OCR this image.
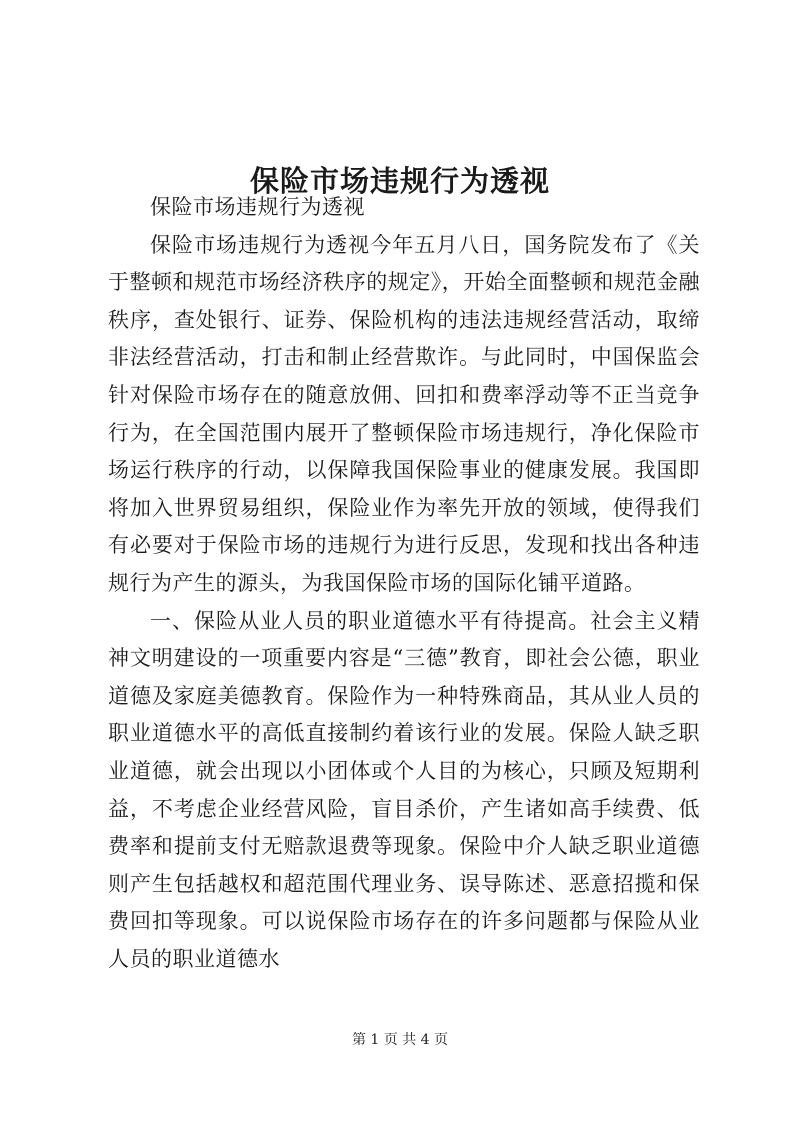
保险市场违规行为透视

保险市场违规行为透视

保险市场违规行为透视今年五月八日，国务院发布了《关于整顿和规范市场经济秩序的规定》，开始全面整顿和规范金融秩序，查处银行、证券、保险机构的违法违规经营活动，取缔非法经营活动，打击和制止经营欺诈。与此同时，中国保监会针对保险市场存在的随意放佣、回扣和费率浮动等不正当竞争行为，在全国范围内展开了整顿保险市场违规行，净化保险市场运行秩序的行动，以保障我国保险事业的健康发展。我国即将加入世界贸易组织，保险业作为率先开放的领域，使得我们有必要对于保险市场的违规行为进行反思，发现和找出各种违规行为产生的源头，为我国保险市场的国际化铺平道路。

一、保险从业人员的职业道德水平有待提高。社会主义精神文明建设的一项重要内容是“三德”教育，即社会公德，职业道德及家庭美德教育。保险作为一种特殊商品，其从业人员的职业道德水平的高低直接制约着该行业的发展。保险人缺乏职业道德，就会出现以小团体或个人目的为核心，只顾及短期利益，不考虑企业经营风险，盲目杀价，产生诸如高手续费、低费率和提前支付无赔款退费等现象。保险中介人缺乏职业道德则产生包括越权和超范围代理业务、误导陈述、恶意招揽和保费回扣等现象。可以说保险市场存在的许多问题都与保险从业人员的职业道德水

第 1 页 共 4 页
